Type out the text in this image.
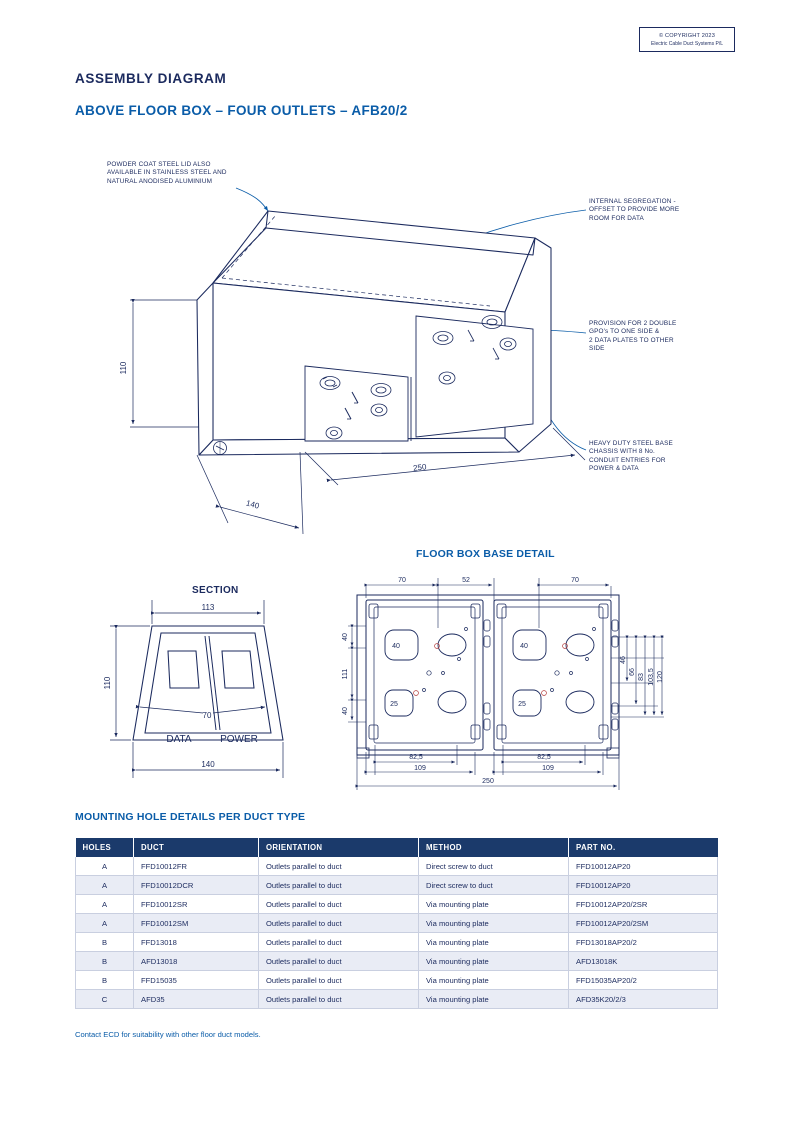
© COPYRIGHT 2023
Electric Cable Duct Systems P/L
ASSEMBLY DIAGRAM
ABOVE FLOOR BOX – FOUR OUTLETS – AFB20/2
FLOOR BOX BASE DETAIL
SECTION
MOUNTING HOLE DETAILS PER DUCT TYPE
POWDER COAT STEEL LID ALSO
AVAILABLE IN STAINLESS STEEL AND
NATURAL ANODISED ALUMINIUM
INTERNAL SEGREGATION -
OFFSET TO PROVIDE MORE
ROOM FOR DATA
PROVISION FOR 2 DOUBLE
GPO's TO ONE SIDE &
2 DATA PLATES TO OTHER
SIDE
HEAVY DUTY STEEL BASE
CHASSIS WITH 8 No.
CONDUIT ENTRIES FOR
POWER & DATA
110
250
140
70
113
110
140
DATA	POWER
70	52	70
40
111
40
40
25
40
25
46
66
83 103,5 120
82,5
109
82,5
109
250
HOLES	DUCT	ORIENTATION	METHOD	PART NO.
A	FFD10012FR	Outlets parallel to duct	Direct screw to duct	FFD10012AP20
A	FFD10012DCR	Outlets parallel to duct	Direct screw to duct	FFD10012AP20
A	FFD10012SR	Outlets parallel to duct	Via mounting plate	FFD10012AP20/2SR
A	FFD10012SM	Outlets parallel to duct	Via mounting plate	FFD10012AP20/2SM
B	FFD13018	Outlets parallel to duct	Via mounting plate	FFD13018AP20/2
B	AFD13018	Outlets parallel to duct	Via mounting plate	AFD13018K
B	FFD15035	Outlets parallel to duct	Via mounting plate	FFD15035AP20/2
C	AFD35	Outlets parallel to duct	Via mounting plate	AFD35K20/2/3
Contact ECD for suitability with other floor duct models.
